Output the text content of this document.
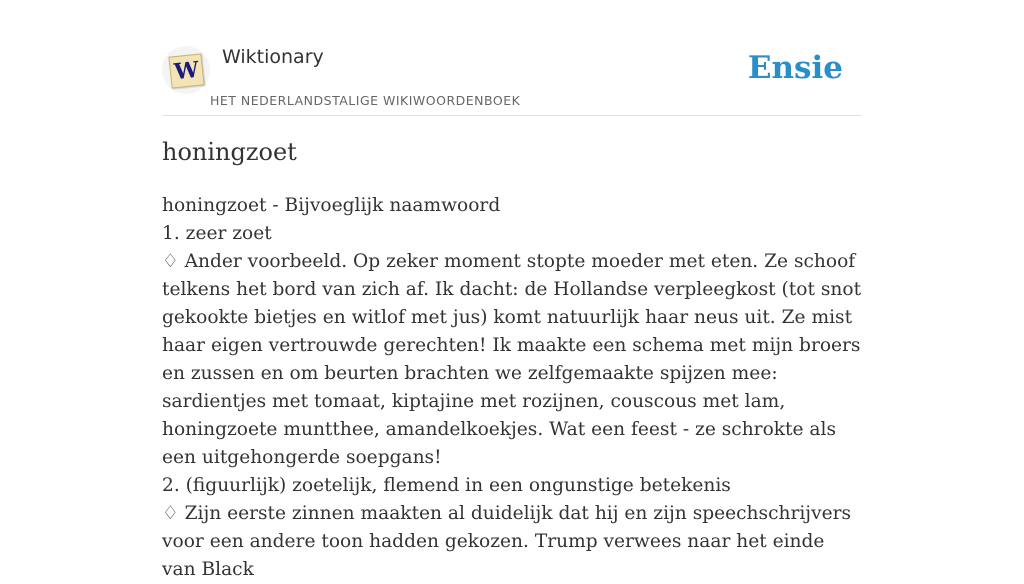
W Wiktionary
HET NEDERLANDSTALIGE WIKIWOORDENBOEK
Ensie
honingzoet

honingzoet - Bijvoeglijk naamwoord

1. zeer zoet

♢ Ander voorbeeld. Op zeker moment stopte moeder met eten. Ze schoof telkens het bord van zich af. Ik dacht: de Hollandse verpleegkost (tot snot gekookte bietjes en witlof met jus) komt natuurlijk haar neus uit. Ze mist haar eigen vertrouwde gerechten! Ik maakte een schema met mijn broers en zussen en om beurten brachten we zelfgemaakte spijzen mee: sardientjes met tomaat, kiptajine met rozijnen, couscous met lam, honingzoete muntthee, amandelkoekjes. Wat een feest - ze schrokte als een uitgehongerde soepgans!

2. (figuurlijk) zoetelijk, flemend in een ongunstige betekenis

♢ Zijn eerste zinnen maakten al duidelijk dat hij en zijn speechschrijvers voor een andere toon hadden gekozen. Trump verwees naar het einde van Black
